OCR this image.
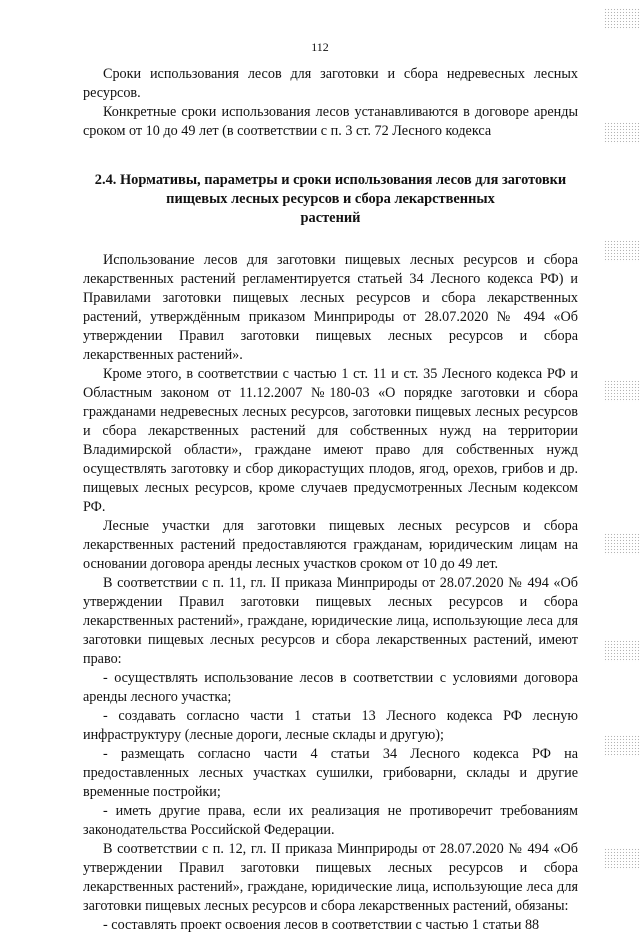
112

Сроки использования лесов для заготовки и сбора недревесных лесных ресурсов.

Конкретные сроки использования лесов устанавливаются в договоре аренды сроком от 10 до 49 лет (в соответствии с п. 3 ст. 72 Лесного кодекса

2.4. Нормативы, параметры и сроки использования лесов для заготовки
пищевых лесных ресурсов и сбора лекарственных
растений

Использование лесов для заготовки пищевых лесных ресурсов и сбора лекарственных растений регламентируется статьей 34 Лесного кодекса РФ) и Правилами заготовки пищевых лесных ресурсов и сбора лекарственных растений, утверждённым приказом Минприроды от 28.07.2020 № 494 «Об утверждении Правил заготовки пищевых лесных ресурсов и сбора лекарственных растений».

Кроме этого, в соответствии с частью 1 ст. 11 и ст. 35 Лесного кодекса РФ и Областным законом от 11.12.2007 №180-03 «О порядке заготовки и сбора гражданами недревесных лесных ресурсов, заготовки пищевых лесных ресурсов и сбора лекарственных растений для собственных нужд на территории Владимирской области», граждане имеют право для собственных нужд осуществлять заготовку и сбор дикорастущих плодов, ягод, орехов, грибов и др. пищевых лесных ресурсов, кроме случаев предусмотренных Лесным кодексом РФ.

Лесные участки для заготовки пищевых лесных ресурсов и сбора лекарственных растений предоставляются гражданам, юридическим лицам на основании договора аренды лесных участков сроком от 10 до 49 лет.

В соответствии с п. 11, гл. II приказа Минприроды от 28.07.2020 № 494 «Об утверждении Правил заготовки пищевых лесных ресурсов и сбора лекарственных растений», граждане, юридические лица, использующие леса для заготовки пищевых лесных ресурсов и сбора лекарственных растений, имеют право:

- осуществлять использование лесов в соответствии с условиями договора аренды лесного участка;

- создавать согласно части 1 статьи 13 Лесного кодекса РФ лесную инфраструктуру (лесные дороги, лесные склады и другую);

- размещать согласно части 4 статьи 34 Лесного кодекса РФ на предоставленных лесных участках сушилки, грибоварни, склады и другие временные постройки;

- иметь другие права, если их реализация не противоречит требованиям законодательства Российской Федерации.

В соответствии с п. 12, гл. II приказа Минприроды от 28.07.2020 № 494 «Об утверждении Правил заготовки пищевых лесных ресурсов и сбора лекарственных растений», граждане, юридические лица, использующие леса для заготовки пищевых лесных ресурсов и сбора лекарственных растений, обязаны:

- составлять проект освоения лесов в соответствии с частью 1 статьи 88
